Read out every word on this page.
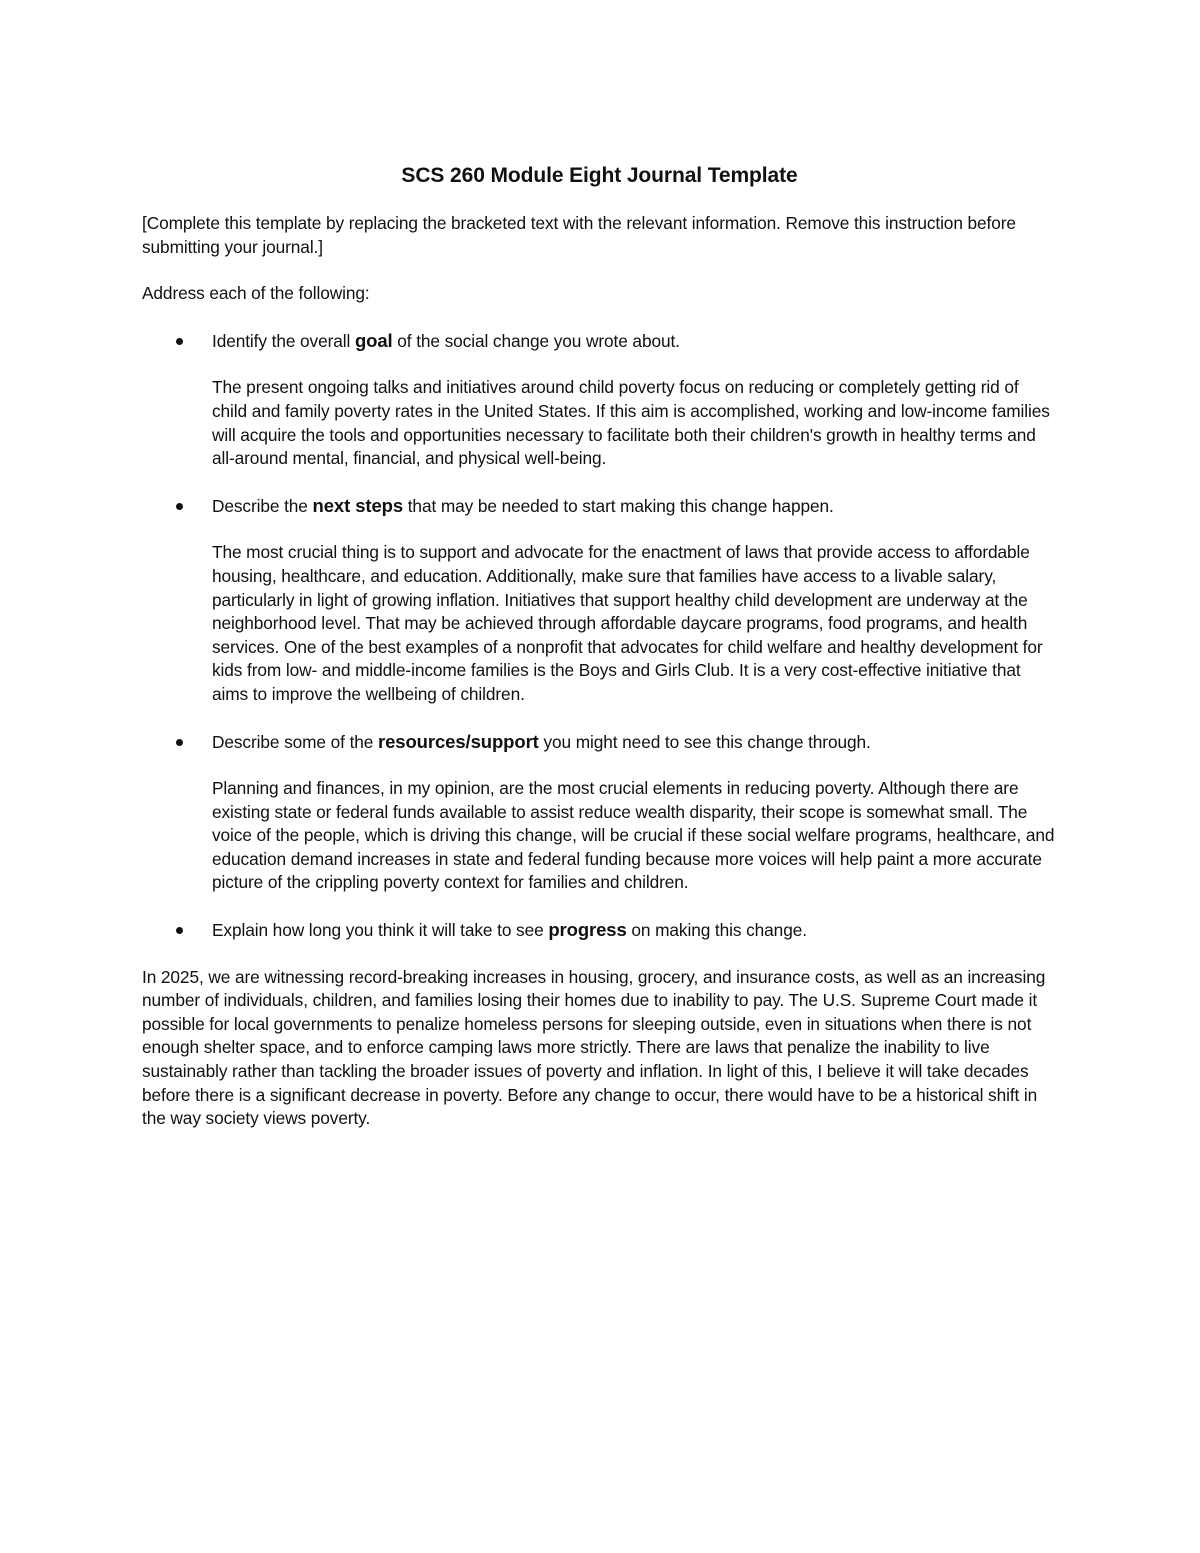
SCS 260 Module Eight Journal Template

[Complete this template by replacing the bracketed text with the relevant information. Remove this instruction before submitting your journal.]

Address each of the following:

Identify the overall goal of the social change you wrote about.

The present ongoing talks and initiatives around child poverty focus on reducing or completely getting rid of child and family poverty rates in the United States. If this aim is accomplished, working and low-income families will acquire the tools and opportunities necessary to facilitate both their children's growth in healthy terms and all-around mental, financial, and physical well-being.

Describe the next steps that may be needed to start making this change happen.

The most crucial thing is to support and advocate for the enactment of laws that provide access to affordable housing, healthcare, and education. Additionally, make sure that families have access to a livable salary, particularly in light of growing inflation. Initiatives that support healthy child development are underway at the neighborhood level. That may be achieved through affordable daycare programs, food programs, and health services. One of the best examples of a nonprofit that advocates for child welfare and healthy development for kids from low- and middle-income families is the Boys and Girls Club. It is a very cost-effective initiative that aims to improve the wellbeing of children.

Describe some of the resources/support you might need to see this change through.

Planning and finances, in my opinion, are the most crucial elements in reducing poverty. Although there are existing state or federal funds available to assist reduce wealth disparity, their scope is somewhat small. The voice of the people, which is driving this change, will be crucial if these social welfare programs, healthcare, and education demand increases in state and federal funding because more voices will help paint a more accurate picture of the crippling poverty context for families and children.

Explain how long you think it will take to see progress on making this change.

In 2025, we are witnessing record-breaking increases in housing, grocery, and insurance costs, as well as an increasing number of individuals, children, and families losing their homes due to inability to pay. The U.S. Supreme Court made it possible for local governments to penalize homeless persons for sleeping outside, even in situations when there is not enough shelter space, and to enforce camping laws more strictly. There are laws that penalize the inability to live sustainably rather than tackling the broader issues of poverty and inflation. In light of this, I believe it will take decades before there is a significant decrease in poverty. Before any change to occur, there would have to be a historical shift in the way society views poverty.
